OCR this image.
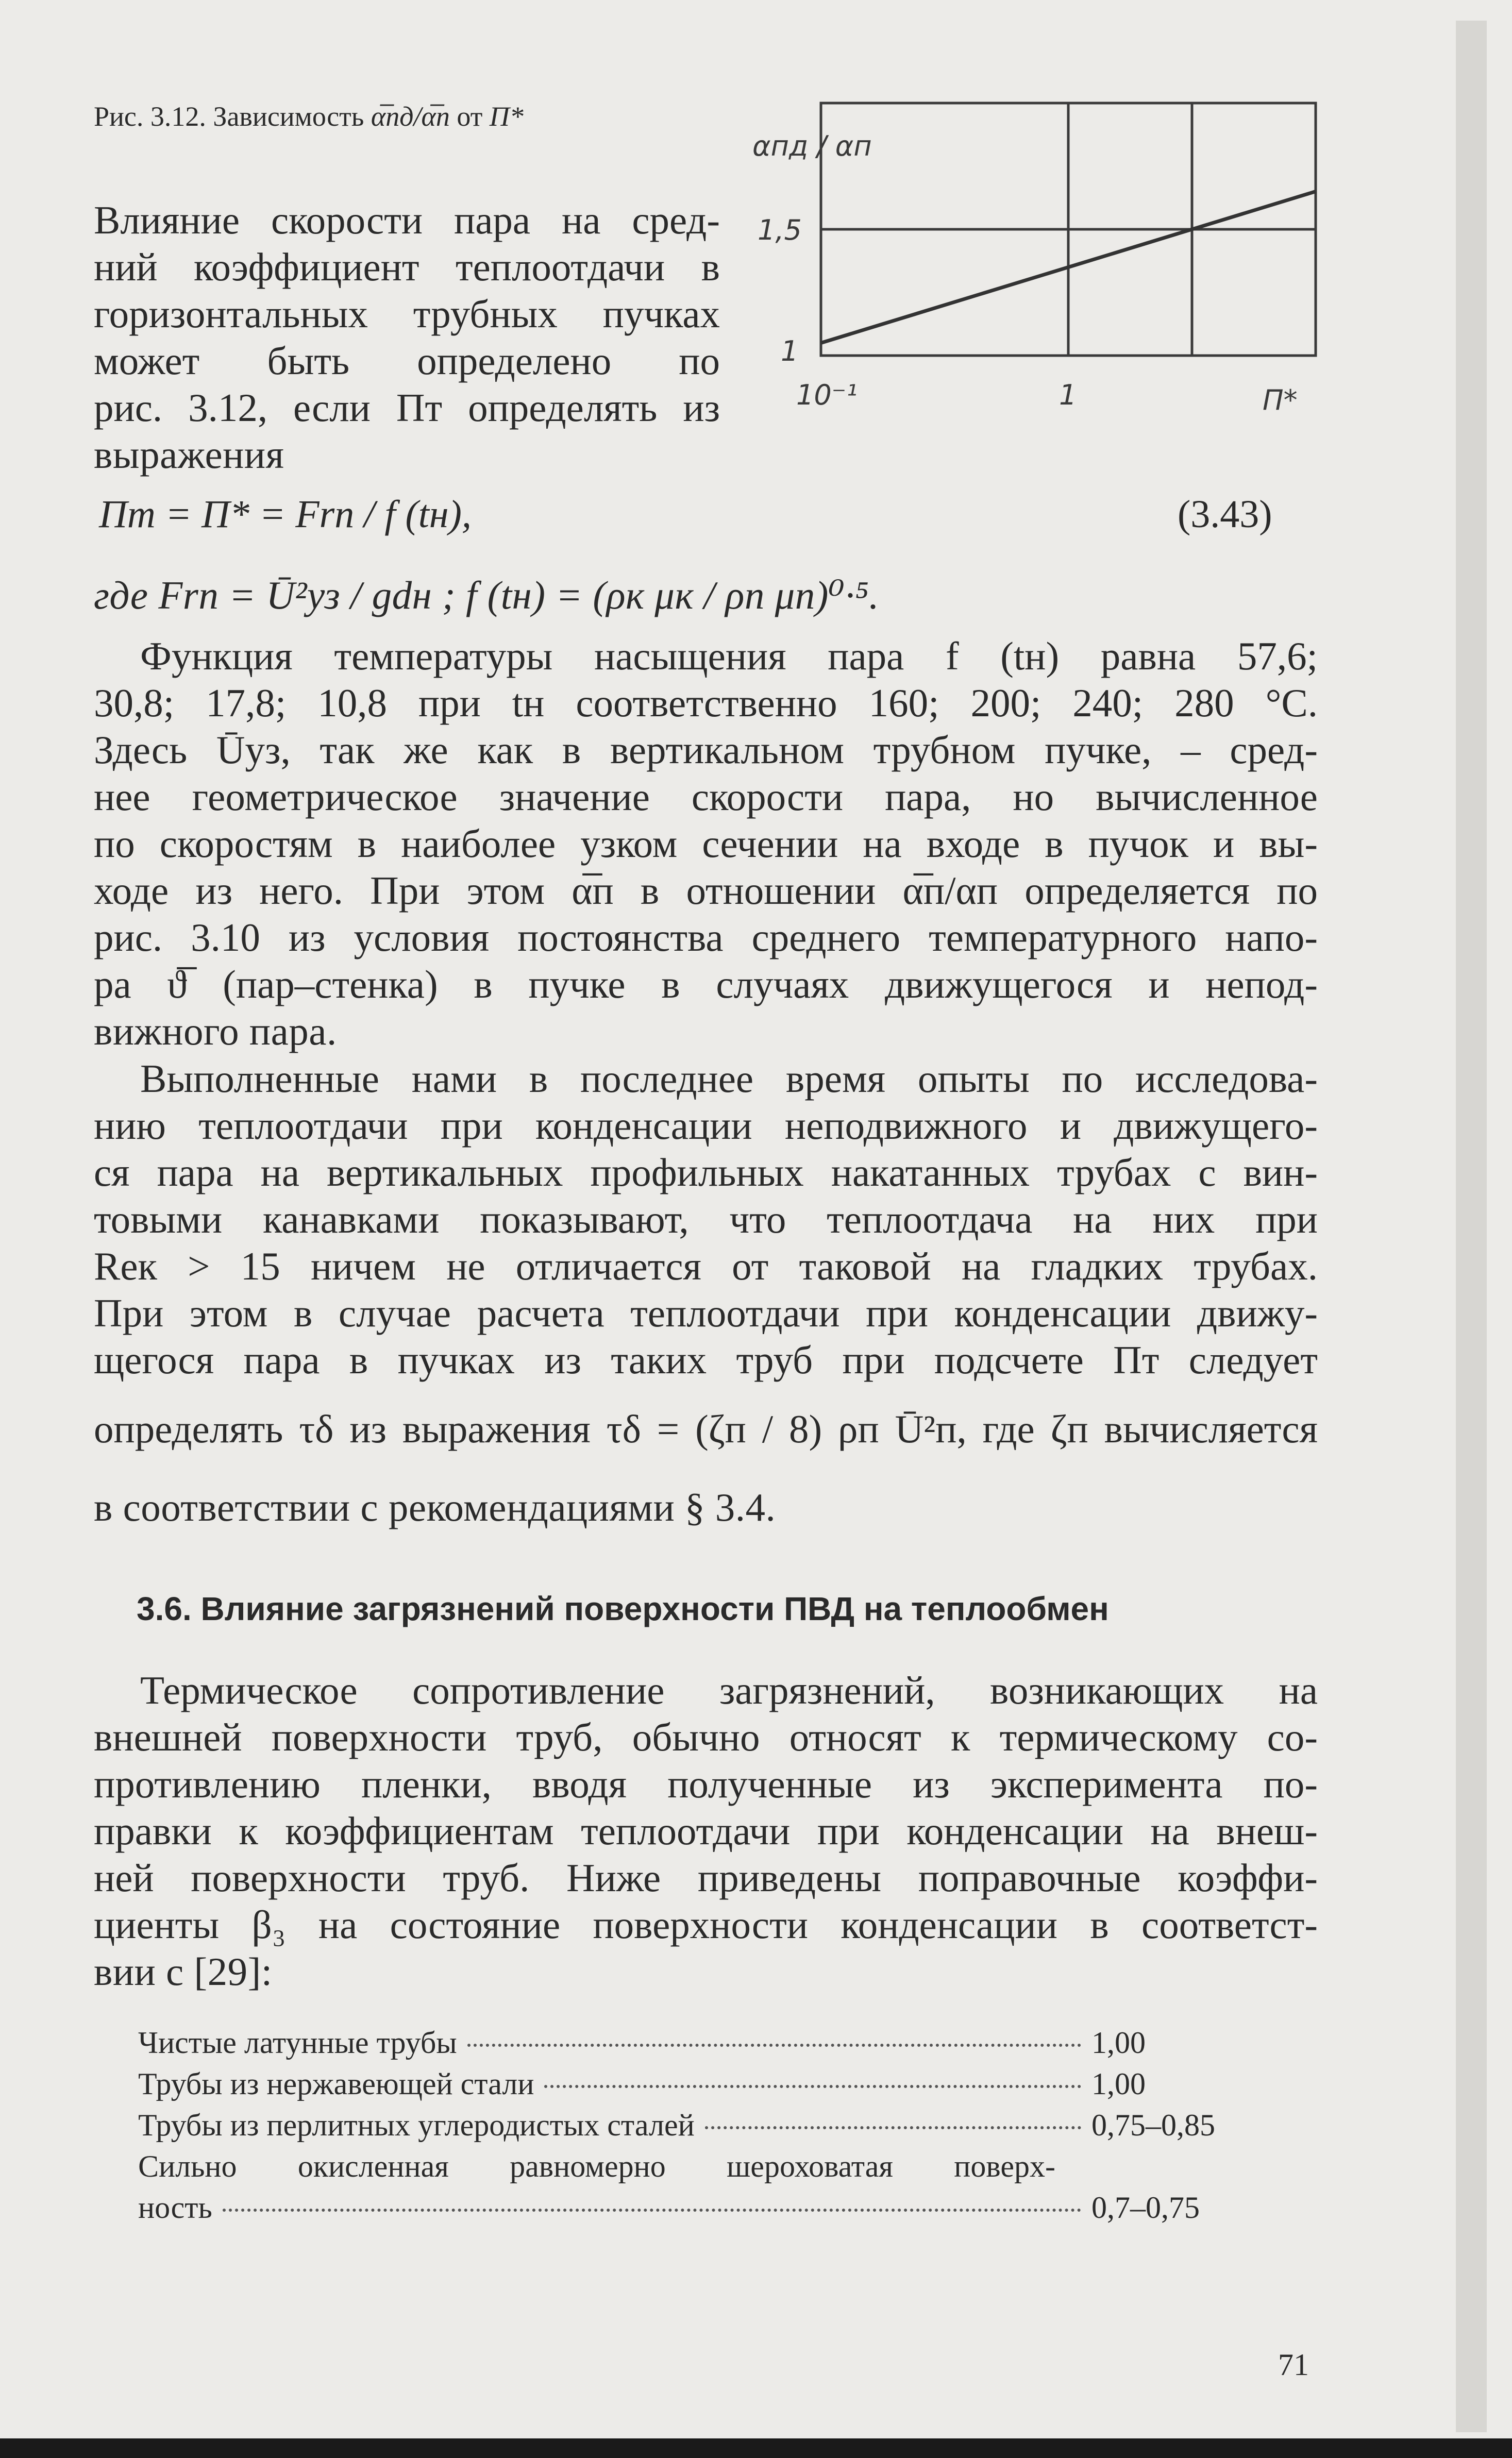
Рис. 3.12. Зависимость α̅пд/α̅п от П*
αпд / αп
1,5
1
10⁻¹	1	П*
Влияние скорости пара на сред-
ний коэффициент теплоотдачи в
горизонтальных трубных пучках
может быть определено по
рис. 3.12, если Пт определять из
выражения
Пт = П* = Frп / f (tн),	(3.43)
где Frп = Ū²уз / gdн ; f (tн) = (ρк μк / ρп μп)⁰·⁵.
Функция температуры насыщения пара f (tн) равна 57,6;
30,8; 17,8; 10,8 при tн соответственно 160; 200; 240; 280 °С.
Здесь Ūуз, так же как в вертикальном трубном пучке, – сред-
нее геометрическое значение скорости пара, но вычисленное
по скоростям в наиболее узком сечении на входе в пучок и вы-
ходе из него. При этом α̅п в отношении α̅п/αп определяется по
рис. 3.10 из условия постоянства среднего температурного напо-
ра ϑ̅ (пар–стенка) в пучке в случаях движущегося и непод-
вижного пара.
Выполненные нами в последнее время опыты по исследова-
нию теплоотдачи при конденсации неподвижного и движущего-
ся пара на вертикальных профильных накатанных трубах с вин-
товыми канавками показывают, что теплоотдача на них при
Reк > 15 ничем не отличается от таковой на гладких трубах.
При этом в случае расчета теплоотдачи при конденсации движу-
щегося пара в пучках из таких труб при подсчете Пт следует
определять τδ из выражения τδ = (ζп / 8) ρп Ū²п, где ζп вычисляется
в соответствии с рекомендациями § 3.4.
3.6. Влияние загрязнений поверхности ПВД на теплообмен
Термическое сопротивление загрязнений, возникающих на
внешней поверхности труб, обычно относят к термическому со-
противлению пленки, вводя полученные из эксперимента по-
правки к коэффициентам теплоотдачи при конденсации на внеш-
ней поверхности труб. Ниже приведены поправочные коэффи-
циенты β₃ на состояние поверхности конденсации в соответст-
вии с [29]:
Чистые латунные трубы	1,00
Трубы из нержавеющей стали	1,00
Трубы из перлитных углеродистых сталей	0,75–0,85
Сильно окисленная равномерно шероховатая поверх-
ность	0,7–0,75
71
